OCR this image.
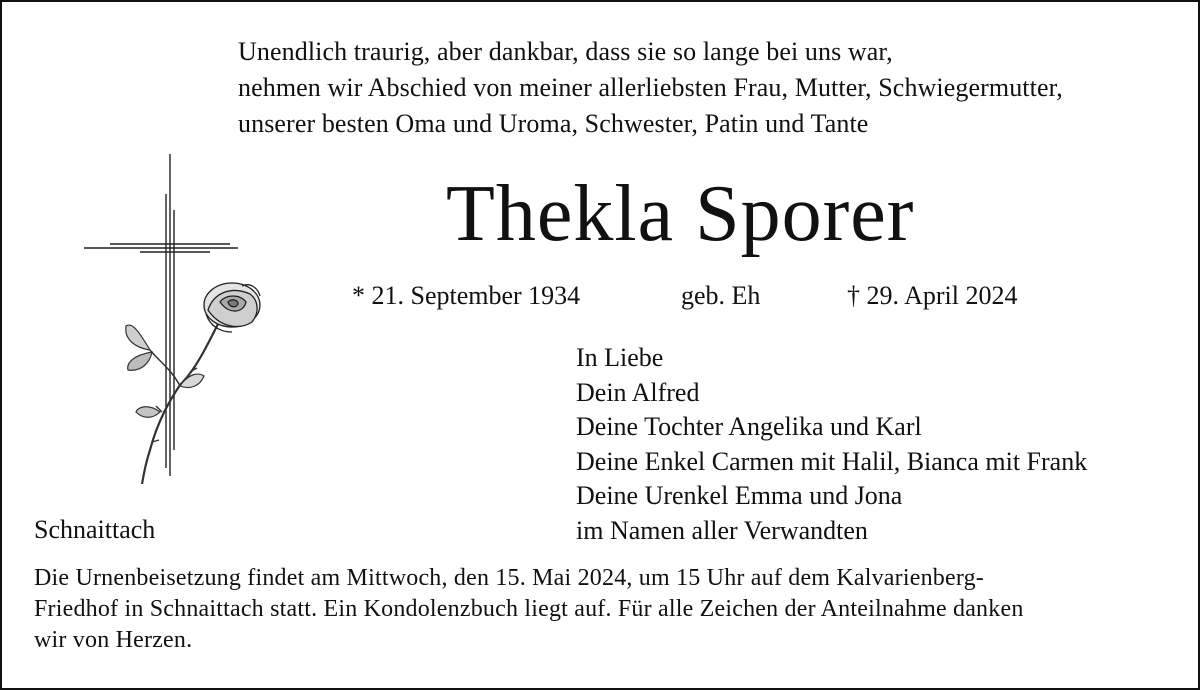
Unendlich traurig, aber dankbar, dass sie so lange bei uns war,
nehmen wir Abschied von meiner allerliebsten Frau, Mutter, Schwiegermutter,
unserer besten Oma und Uroma, Schwester, Patin und Tante
Thekla Sporer
* 21. September 1934	geb. Eh	† 29. April 2024
In Liebe
Dein Alfred
Deine Tochter Angelika und Karl
Deine Enkel Carmen mit Halil, Bianca mit Frank
Deine Urenkel Emma und Jona
im Namen aller Verwandten
Schnaittach
Die Urnenbeisetzung findet am Mittwoch, den 15. Mai 2024, um 15 Uhr auf dem Kalvarienberg-
Friedhof in Schnaittach statt. Ein Kondolenzbuch liegt auf. Für alle Zeichen der Anteilnahme danken
wir von Herzen.
